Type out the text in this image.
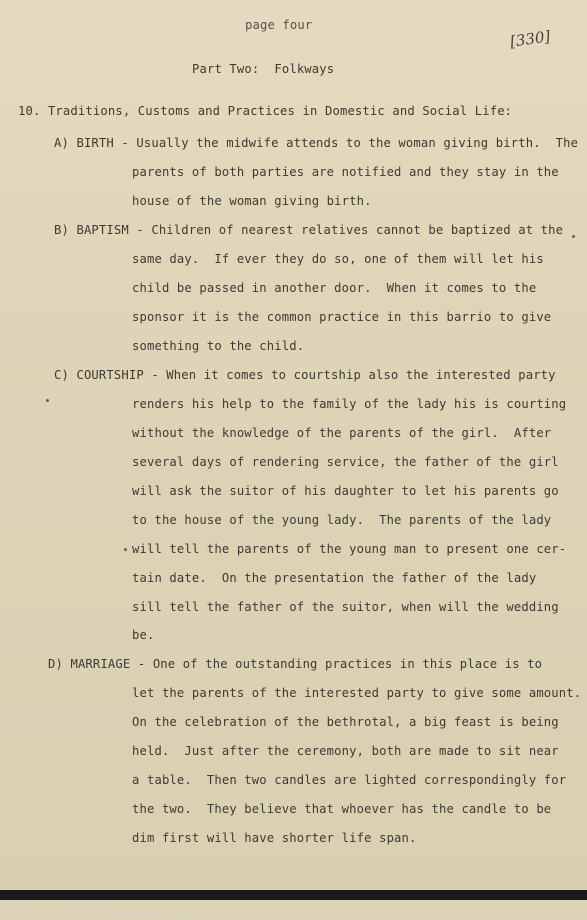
page four
[330]
Part Two:  Folkways
10. Traditions, Customs and Practices in Domestic and Social Life:
A) BIRTH - Usually the midwife attends to the woman giving birth.  The
parents of both parties are notified and they stay in the
house of the woman giving birth.
B) BAPTISM - Children of nearest relatives cannot be baptized at the
same day.  If ever they do so, one of them will let his
child be passed in another door.  When it comes to the
sponsor it is the common practice in this barrio to give
something to the child.
C) COURTSHIP - When it comes to courtship also the interested party
renders his help to the family of the lady his is courting
without the knowledge of the parents of the girl.  After
several days of rendering service, the father of the girl
will ask the suitor of his daughter to let his parents go
to the house of the young lady.  The parents of the lady
will tell the parents of the young man to present one cer-
tain date.  On the presentation the father of the lady
sill tell the father of the suitor, when will the wedding
be.
D) MARRIAGE - One of the outstanding practices in this place is to
let the parents of the interested party to give some amount.
On the celebration of the bethrotal, a big feast is being
held.  Just after the ceremony, both are made to sit near
a table.  Then two candles are lighted correspondingly for
the two.  They believe that whoever has the candle to be
dim first will have shorter life span.

National Library of the Philippines

HLP200803-1A2703-1.tif
